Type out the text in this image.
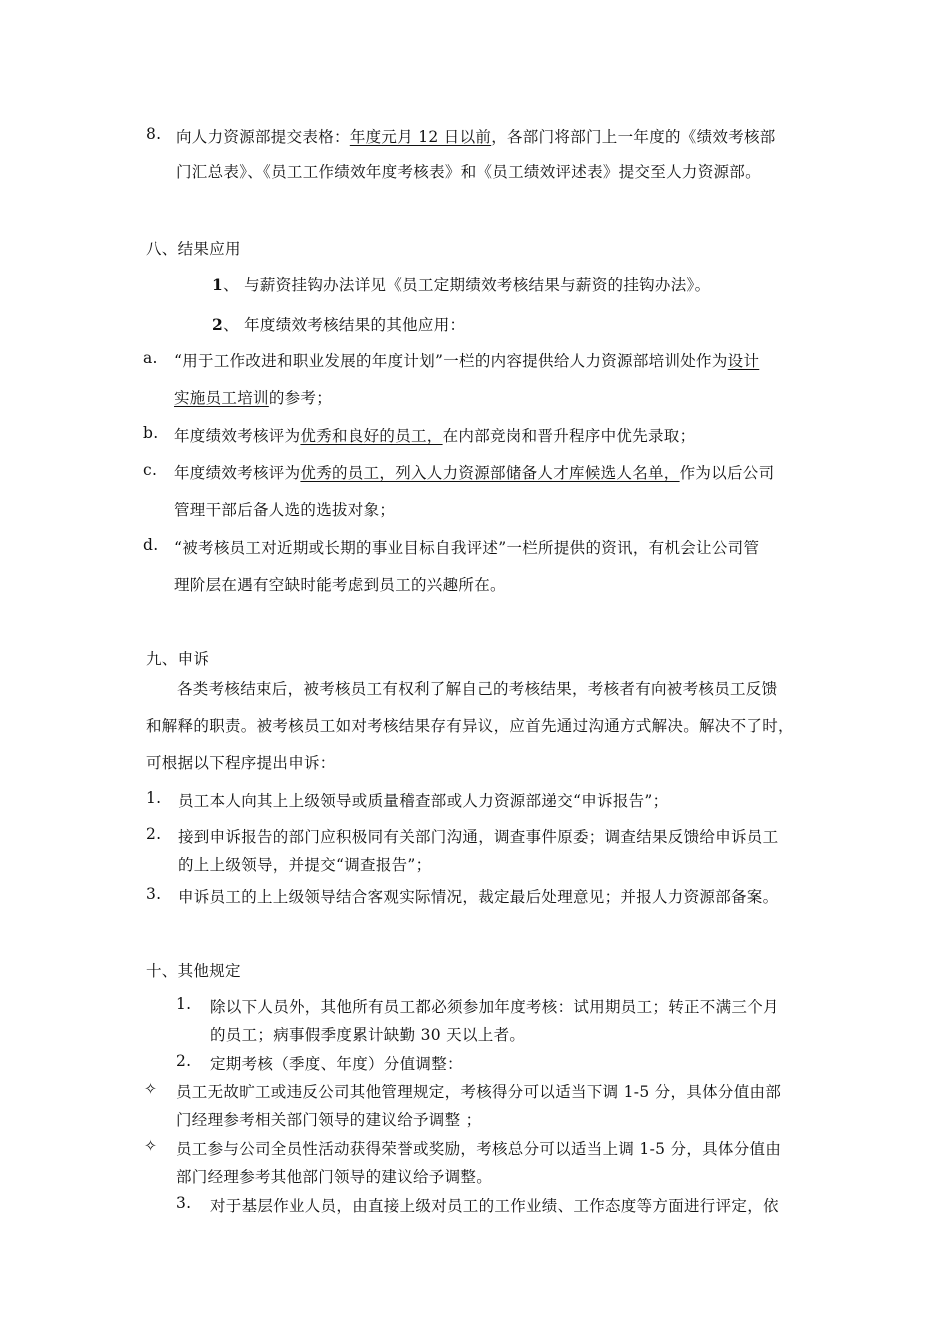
8. 向人力资源部提交表格：年度元月 12 日以前，各部门将部门上一年度的《绩效考核部
门汇总表》、《员工工作绩效年度考核表》和《员工绩效评述表》提交至人力资源部。
八、结果应用
1、 与薪资挂钩办法详见《员工定期绩效考核结果与薪资的挂钩办法》。
2、 年度绩效考核结果的其他应用：
a. “用于工作改进和职业发展的年度计划”一栏的内容提供给人力资源部培训处作为设计
实施员工培训的参考；
b. 年度绩效考核评为优秀和良好的员工，在内部竞岗和晋升程序中优先录取；
c. 年度绩效考核评为优秀的员工，列入人力资源部储备人才库候选人名单，作为以后公司
管理干部后备人选的选拔对象；
d. “被考核员工对近期或长期的事业目标自我评述”一栏所提供的资讯，有机会让公司管
理阶层在遇有空缺时能考虑到员工的兴趣所在。
九、申诉
各类考核结束后，被考核员工有权利了解自己的考核结果，考核者有向被考核员工反馈
和解释的职责。被考核员工如对考核结果存有异议，应首先通过沟通方式解决。解决不了时，
可根据以下程序提出申诉：
1. 员工本人向其上上级领导或质量稽查部或人力资源部递交“申诉报告”；
2. 接到申诉报告的部门应积极同有关部门沟通，调查事件原委；调查结果反馈给申诉员工
的上上级领导，并提交“调查报告”；
3. 申诉员工的上上级领导结合客观实际情况，裁定最后处理意见；并报人力资源部备案。
十、其他规定
1. 除以下人员外，其他所有员工都必须参加年度考核：试用期员工；转正不满三个月
的员工；病事假季度累计缺勤 30 天以上者。
2. 定期考核（季度、年度）分值调整：
✧ 员工无故旷工或违反公司其他管理规定，考核得分可以适当下调 1-5 分，具体分值由部
门经理参考相关部门领导的建议给予调整 ；
✧ 员工参与公司全员性活动获得荣誉或奖励，考核总分可以适当上调 1-5 分，具体分值由
部门经理参考其他部门领导的建议给予调整。
3. 对于基层作业人员，由直接上级对员工的工作业绩、工作态度等方面进行评定，依
